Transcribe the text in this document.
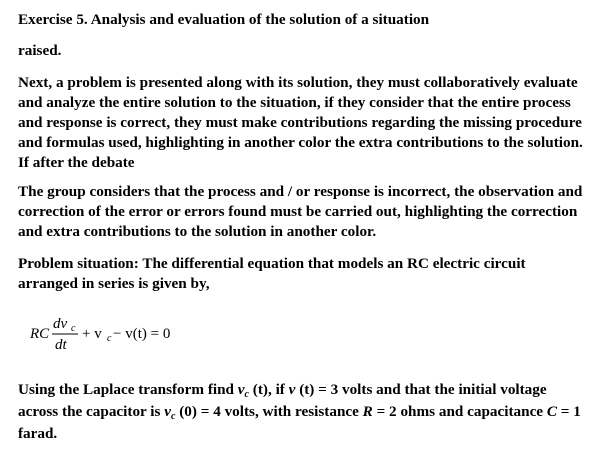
Exercise 5. Analysis and evaluation of the solution of a situation
raised.
Next, a problem is presented along with its solution, they must collaboratively evaluate and analyze the entire solution to the situation, if they consider that the entire process and response is correct, they must make contributions regarding the missing procedure and formulas used, highlighting in another color the extra contributions to the solution. If after the debate
The group considers that the process and / or response is incorrect, the observation and correction of the error or errors found must be carried out, highlighting the correction and extra contributions to the solution in another color.
Problem situation: The differential equation that models an RC electric circuit arranged in series is given by,
RC
dv c
dt
+ v c − v(t) = 0
Using the Laplace transform find vc (t), if v (t) = 3 volts and that the initial voltage across the capacitor is vc (0) = 4 volts, with resistance R = 2 ohms and capacitance C = 1 farad.
